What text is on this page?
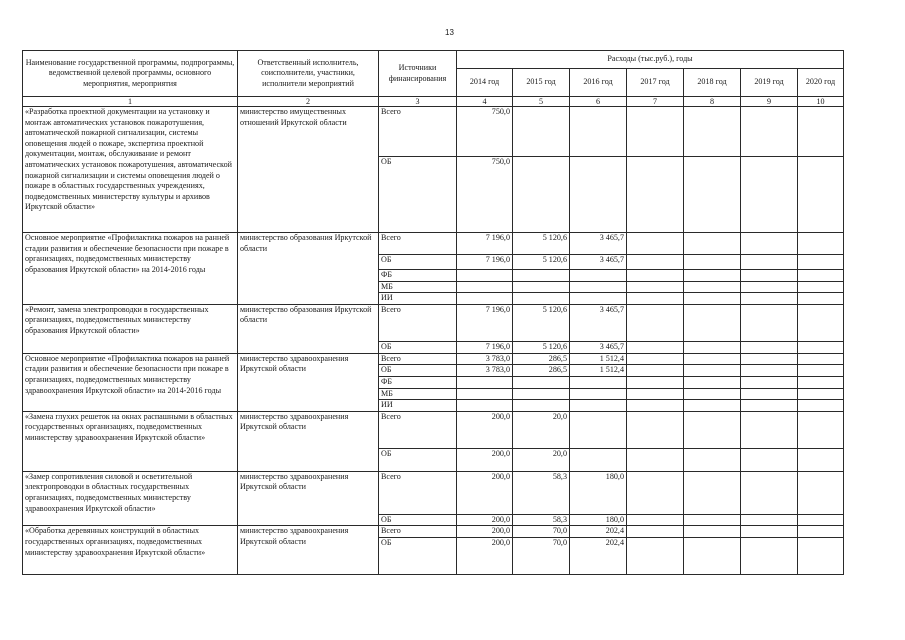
13
Наименование государственной программы, подпрограммы, ведомственной целевой программы, основного мероприятия, мероприятия	Ответственный исполнитель, соисполнители, участники, исполнители мероприятий	Источники финансирования	Расходы (тыс.руб.), годы						
			2014 год	2015 год	2016 год	2017 год	2018 год	2019 год	2020 год
1	2	3	4	5	6	7	8	9	10
«Разработка проектной документации на установку и монтаж автоматических установок пожаротушения, автоматической пожарной сигнализации, системы оповещения людей о пожаре, экспертиза проектной документации, монтаж, обслуживание и ремонт автоматических установок пожаротушения, автоматической пожарной сигнализации и системы оповещения людей о пожаре в областных государственных учреждениях, подведомственных министерству культуры и архивов Иркутской области»	министерство имущественных отношений Иркутской области	Всего	750,0						
		ОБ	750,0						
Основное мероприятие «Профилактика пожаров на ранней стадии развития и обеспечение безопасности при пожаре в организациях, подведомственных министерству образования Иркутской области» на 2014-2016 годы	министерство образования Иркутской области	Всего	7 196,0	5 120,6	3 465,7				
		ОБ	7 196,0	5 120,6	3 465,7				
		ФБ							
		МБ							
		ИИ							
«Ремонт, замена электропроводки в государственных организациях, подведомственных министерству образования Иркутской области»	министерство образования Иркутской области	Всего	7 196,0	5 120,6	3 465,7				
		ОБ	7 196,0	5 120,6	3 465,7				
Основное мероприятие «Профилактика пожаров на ранней стадии развития и обеспечение безопасности при пожаре в организациях, подведомственных министерству здравоохранения Иркутской области» на 2014-2016 годы	министерство здравоохранения Иркутской области	Всего	3 783,0	286,5	1 512,4				
		ОБ	3 783,0	286,5	1 512,4				
		ФБ							
		МБ							
		ИИ							
«Замена глухих решеток на окнах распашными в областных государственных организациях, подведомственных министерству здравоохранения Иркутской области»	министерство здравоохранения Иркутской области	Всего	200,0	20,0					
		ОБ	200,0	20,0					
«Замер сопротивления силовой и осветительной электропроводки в областных государственных организациях, подведомственных министерству здравоохранения Иркутской области»	министерство здравоохранения Иркутской области	Всего	200,0	58,3	180,0				
		ОБ	200,0	58,3	180,0				
«Обработка деревянных конструкций в областных государственных организациях, подведомственных министерству здравоохранения Иркутской области»	министерство здравоохранения Иркутской области	Всего	200,0	70,0	202,4				
		ОБ	200,0	70,0	202,4				
